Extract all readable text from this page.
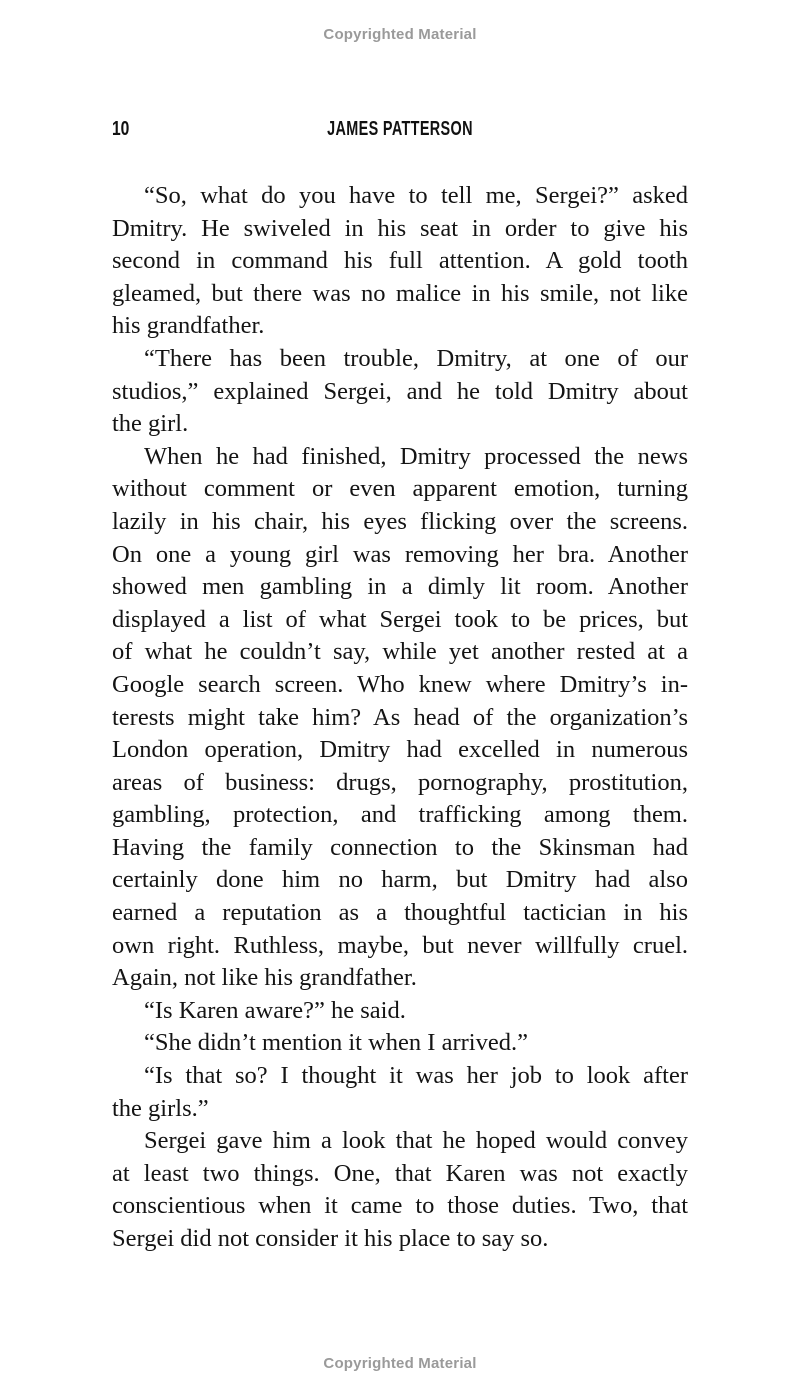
Copyrighted Material
10	JAMES PATTERSON

“So, what do you have to tell me, Sergei?” asked
Dmitry. He swiveled in his seat in order to give his
second in command his full attention. A gold tooth
gleamed, but there was no malice in his smile, not like
his grandfather.

“There has been trouble, Dmitry, at one of our
studios,” explained Sergei, and he told Dmitry about
the girl.

When he had finished, Dmitry processed the news
without comment or even apparent emotion, turning
lazily in his chair, his eyes flicking over the screens.
On one a young girl was removing her bra. Another
showed men gambling in a dimly lit room. Another
displayed a list of what Sergei took to be prices, but
of what he couldn’t say, while yet another rested at a
Google search screen. Who knew where Dmitry’s in-
terests might take him? As head of the organization’s
London operation, Dmitry had excelled in numerous
areas of business: drugs, pornography, prostitution,
gambling, protection, and trafficking among them.
Having the family connection to the Skinsman had
certainly done him no harm, but Dmitry had also
earned a reputation as a thoughtful tactician in his
own right. Ruthless, maybe, but never willfully cruel.
Again, not like his grandfather.

“Is Karen aware?” he said.

“She didn’t mention it when I arrived.”

“Is that so? I thought it was her job to look after
the girls.”

Sergei gave him a look that he hoped would convey
at least two things. One, that Karen was not exactly
conscientious when it came to those duties. Two, that
Sergei did not consider it his place to say so.

Copyrighted Material
